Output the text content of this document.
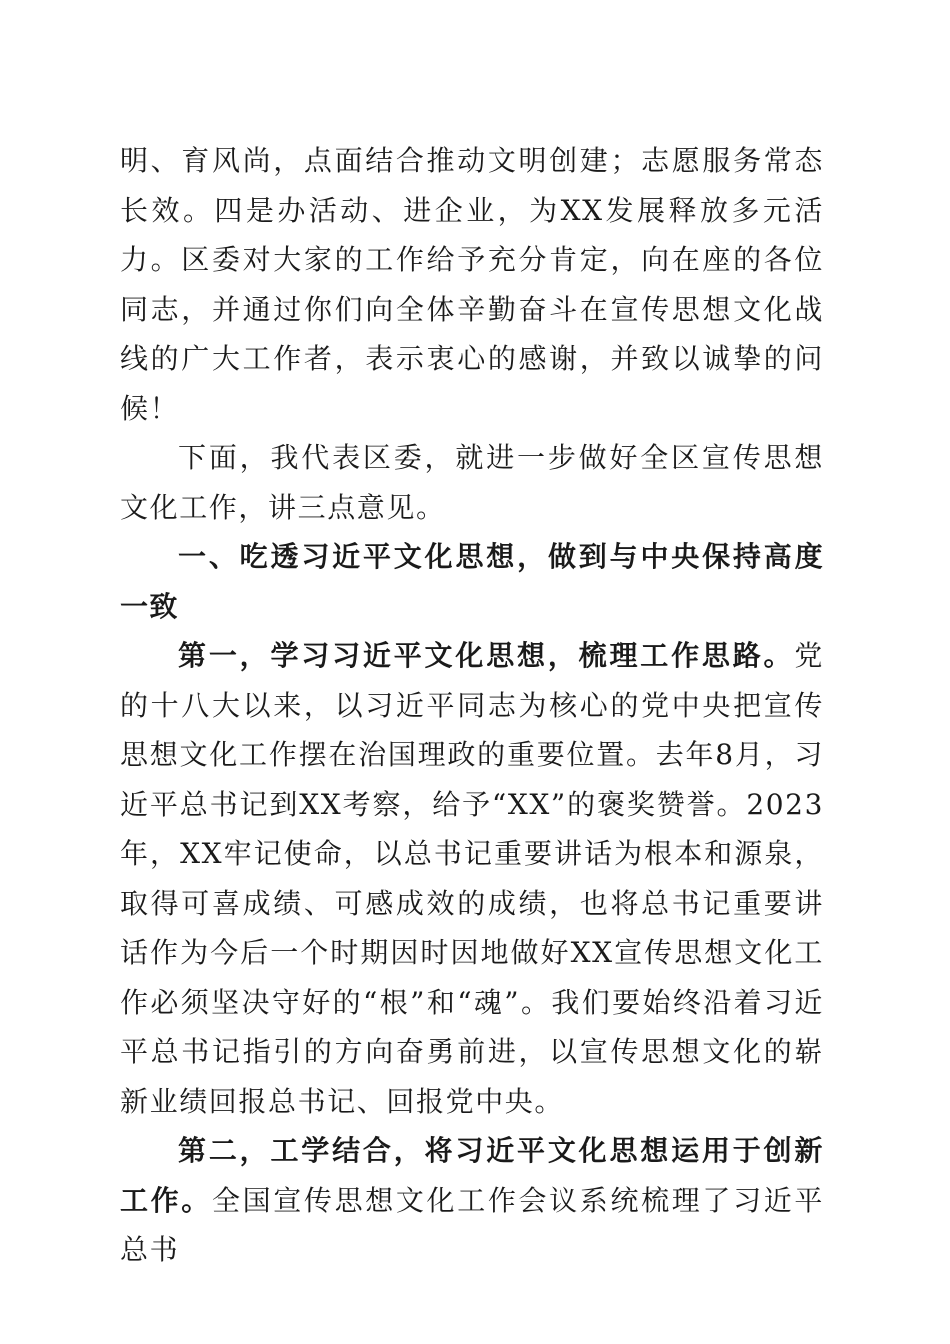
明、育风尚，点面结合推动文明创建；志愿服务常态长效。四是办活动、进企业，为XX发展释放多元活力。区委对大家的工作给予充分肯定，向在座的各位同志，并通过你们向全体辛勤奋斗在宣传思想文化战线的广大工作者，表示衷心的感谢，并致以诚挚的问候！

下面，我代表区委，就进一步做好全区宣传思想文化工作，讲三点意见。

一、吃透习近平文化思想，做到与中央保持高度一致

第一，学习习近平文化思想，梳理工作思路。党的十八大以来，以习近平同志为核心的党中央把宣传思想文化工作摆在治国理政的重要位置。去年8月，习近平总书记到XX考察，给予“XX”的褒奖赞誉。2023年，XX牢记使命，以总书记重要讲话为根本和源泉，取得可喜成绩、可感成效的成绩，也将总书记重要讲话作为今后一个时期因时因地做好XX宣传思想文化工作必须坚决守好的“根”和“魂”。我们要始终沿着习近平总书记指引的方向奋勇前进，以宣传思想文化的崭新业绩回报总书记、回报党中央。

第二，工学结合，将习近平文化思想运用于创新工作。全国宣传思想文化工作会议系统梳理了习近平总书
